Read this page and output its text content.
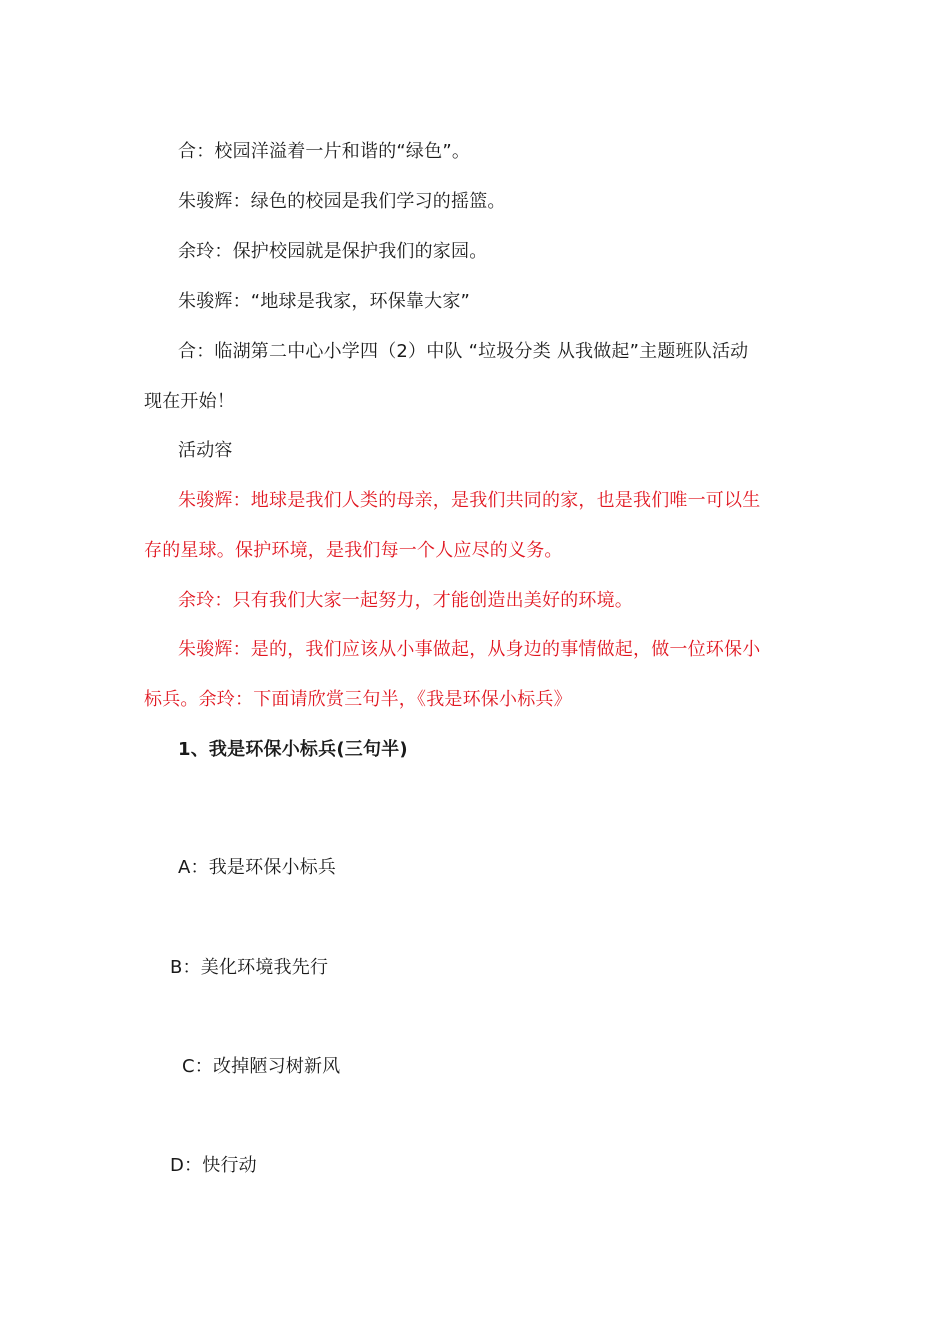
合：校园洋溢着一片和谐的“绿色”。
朱骏辉：绿色的校园是我们学习的摇篮。
余玲：保护校园就是保护我们的家园。
朱骏辉：“地球是我家，环保靠大家”
合：临湖第二中心小学四（2）中队 “垃圾分类 从我做起”主题班队活动
现在开始！
活动容
朱骏辉：地球是我们人类的母亲，是我们共同的家，也是我们唯一可以生
存的星球。保护环境，是我们每一个人应尽的义务。
余玲：只有我们大家一起努力，才能创造出美好的环境。
朱骏辉：是的，我们应该从小事做起，从身边的事情做起，做一位环保小
标兵。余玲：下面请欣赏三句半，《我是环保小标兵》
1、我是环保小标兵(三句半)
A：我是环保小标兵
B：美化环境我先行
C：改掉陋习树新风
D：快行动
